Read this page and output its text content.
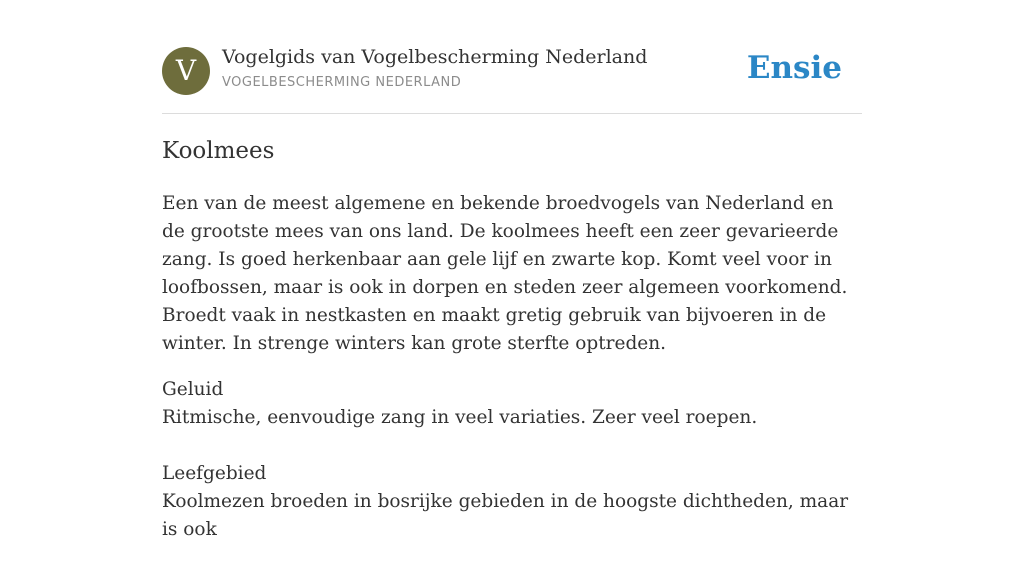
V	Vogelgids van Vogelbescherming Nederland
VOGELBESCHERMING NEDERLAND	Ensie
Koolmees

Een van de meest algemene en bekende broedvogels van Nederland en de grootste mees van ons land. De koolmees heeft een zeer gevarieerde zang. Is goed herkenbaar aan gele lijf en zwarte kop. Komt veel voor in loofbossen, maar is ook in dorpen en steden zeer algemeen voorkomend. Broedt vaak in nestkasten en maakt gretig gebruik van bijvoeren in de winter. In strenge winters kan grote sterfte optreden.

Geluid
Ritmische, eenvoudige zang in veel variaties. Zeer veel roepen.
Leefgebied
Koolmezen broeden in bosrijke gebieden in de hoogste dichtheden, maar is ook
